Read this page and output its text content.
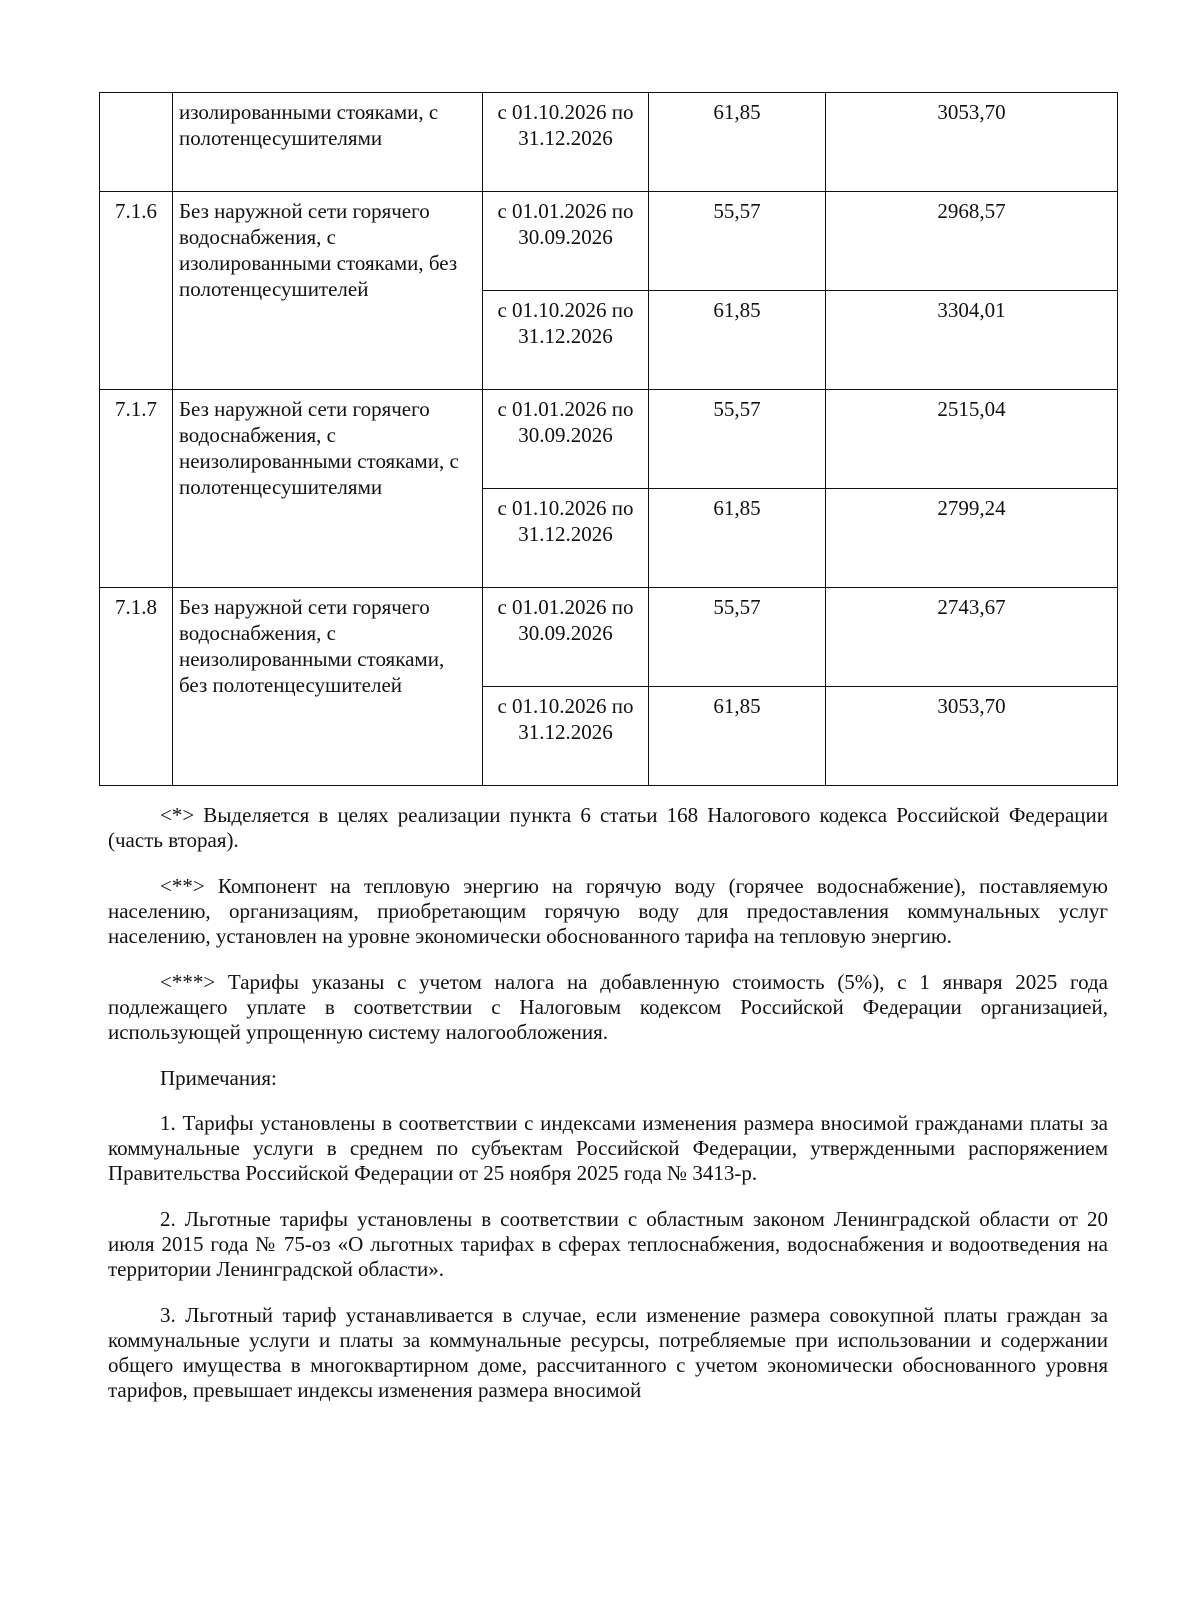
	изолированными стояками, с полотенцесушителями	с 01.10.2026 по 31.12.2026	61,85	3053,70
7.1.6	Без наружной сети горячего водоснабжения, с изолированными стояками, без полотенцесушителей	с 01.01.2026 по 30.09.2026	55,57	2968,57
		с 01.10.2026 по 31.12.2026	61,85	3304,01
7.1.7	Без наружной сети горячего водоснабжения, с неизолированными стояками, с полотенцесушителями	с 01.01.2026 по 30.09.2026	55,57	2515,04
		с 01.10.2026 по 31.12.2026	61,85	2799,24
7.1.8	Без наружной сети горячего водоснабжения, с неизолированными стояками, без полотенцесушителей	с 01.01.2026 по 30.09.2026	55,57	2743,67
		с 01.10.2026 по 31.12.2026	61,85	3053,70

<*> Выделяется в целях реализации пункта 6 статьи 168 Налогового кодекса Российской Федерации (часть вторая).

<**> Компонент на тепловую энергию на горячую воду (горячее водоснабжение), поставляемую населению, организациям, приобретающим горячую воду для предоставления коммунальных услуг населению, установлен на уровне экономически обоснованного тарифа на тепловую энергию.

<***> Тарифы указаны с учетом налога на добавленную стоимость (5%), с 1 января 2025 года подлежащего уплате в соответствии с Налоговым кодексом Российской Федерации организацией, использующей упрощенную систему налогообложения.

Примечания:

1. Тарифы установлены в соответствии с индексами изменения размера вносимой гражданами платы за коммунальные услуги в среднем по субъектам Российской Федерации, утвержденными распоряжением Правительства Российской Федерации от 25 ноября 2025 года № 3413-р.

2. Льготные тарифы установлены в соответствии с областным законом Ленинградской области от 20 июля 2015 года № 75-оз «О льготных тарифах в сферах теплоснабжения, водоснабжения и водоотведения на территории Ленинградской области».

3. Льготный тариф устанавливается в случае, если изменение размера совокупной платы граждан за коммунальные услуги и платы за коммунальные ресурсы, потребляемые при использовании и содержании общего имущества в многоквартирном доме, рассчитанного с учетом экономически обоснованного уровня тарифов, превышает индексы изменения размера вносимой
